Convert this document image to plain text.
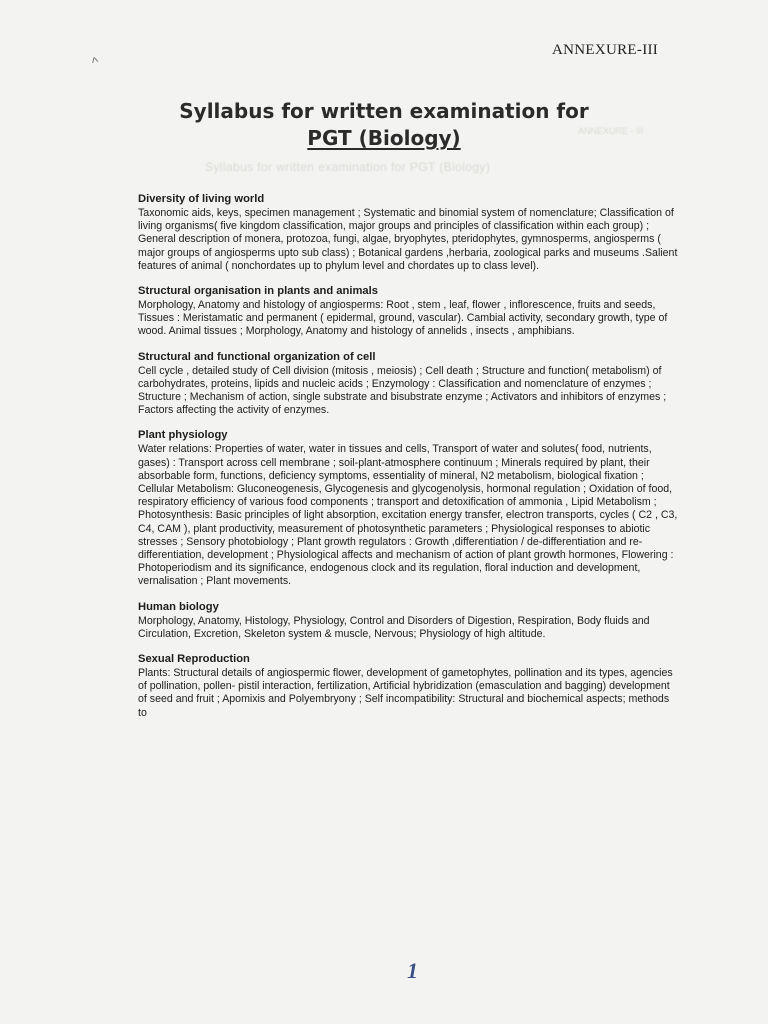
^
ANNEXURE-III
ANNEXURE - III
Syllabus for written examination for
PGT (Biology)
Syllabus for written examination for PGT (Biology)
Diversity of living world

Taxonomic aids, keys, specimen management ; Systematic and binomial system of nomenclature; Classification of living organisms( five kingdom classification, major groups and principles of classification within each group) ; General description of monera, protozoa, fungi, algae, bryophytes, pteridophytes, gymnosperms, angiosperms ( major groups of angiosperms upto sub class) ; Botanical gardens ,herbaria, zoological parks and museums .Salient features of animal ( nonchordates up to phylum level and chordates up to class level).

Structural organisation in plants and animals

Morphology, Anatomy and histology of angiosperms: Root , stem , leaf, flower , inflorescence, fruits and seeds, Tissues : Meristamatic and permanent ( epidermal, ground, vascular). Cambial activity, secondary growth, type of wood. Animal tissues ; Morphology, Anatomy and histology of annelids , insects , amphibians.

Structural and functional organization of cell

Cell cycle , detailed study of Cell division (mitosis , meiosis) ; Cell death ; Structure and function( metabolism) of carbohydrates, proteins, lipids and nucleic acids ; Enzymology : Classification and nomenclature of enzymes ; Structure ; Mechanism of action, single substrate and bisubstrate enzyme ; Activators and inhibitors of enzymes ; Factors affecting the activity of enzymes.

Plant physiology

Water relations: Properties of water, water in tissues and cells, Transport of water and solutes( food, nutrients, gases) : Transport across cell membrane ; soil-plant-atmosphere continuum ; Minerals required by plant, their absorbable form, functions, deficiency symptoms, essentiality of mineral, N2 metabolism, biological fixation ; Cellular Metabolism: Gluconeogenesis, Glycogenesis and glycogenolysis, hormonal regulation ; Oxidation of food, respiratory efficiency of various food components ; transport and detoxification of ammonia , Lipid Metabolism ; Photosynthesis: Basic principles of light absorption, excitation energy transfer, electron transports, cycles ( C2 , C3, C4, CAM ), plant productivity, measurement of photosynthetic parameters ; Physiological responses to abiotic stresses ; Sensory photobiology ; Plant growth regulators : Growth ,differentiation / de-differentiation and re-differentiation, development ; Physiological affects and mechanism of action of plant growth hormones, Flowering : Photoperiodism and its significance, endogenous clock and its regulation, floral induction and development, vernalisation ; Plant movements.

Human biology

Morphology, Anatomy, Histology, Physiology, Control and Disorders of Digestion, Respiration, Body fluids and Circulation, Excretion, Skeleton system & muscle, Nervous; Physiology of high altitude.

Sexual Reproduction

Plants: Structural details of angiospermic flower, development of gametophytes, pollination and its types, agencies of pollination, pollen- pistil interaction, fertilization, Artificial hybridization (emasculation and bagging) development of seed and fruit ; Apomixis and Polyembryony ; Self incompatibility: Structural and biochemical aspects; methods to

1
